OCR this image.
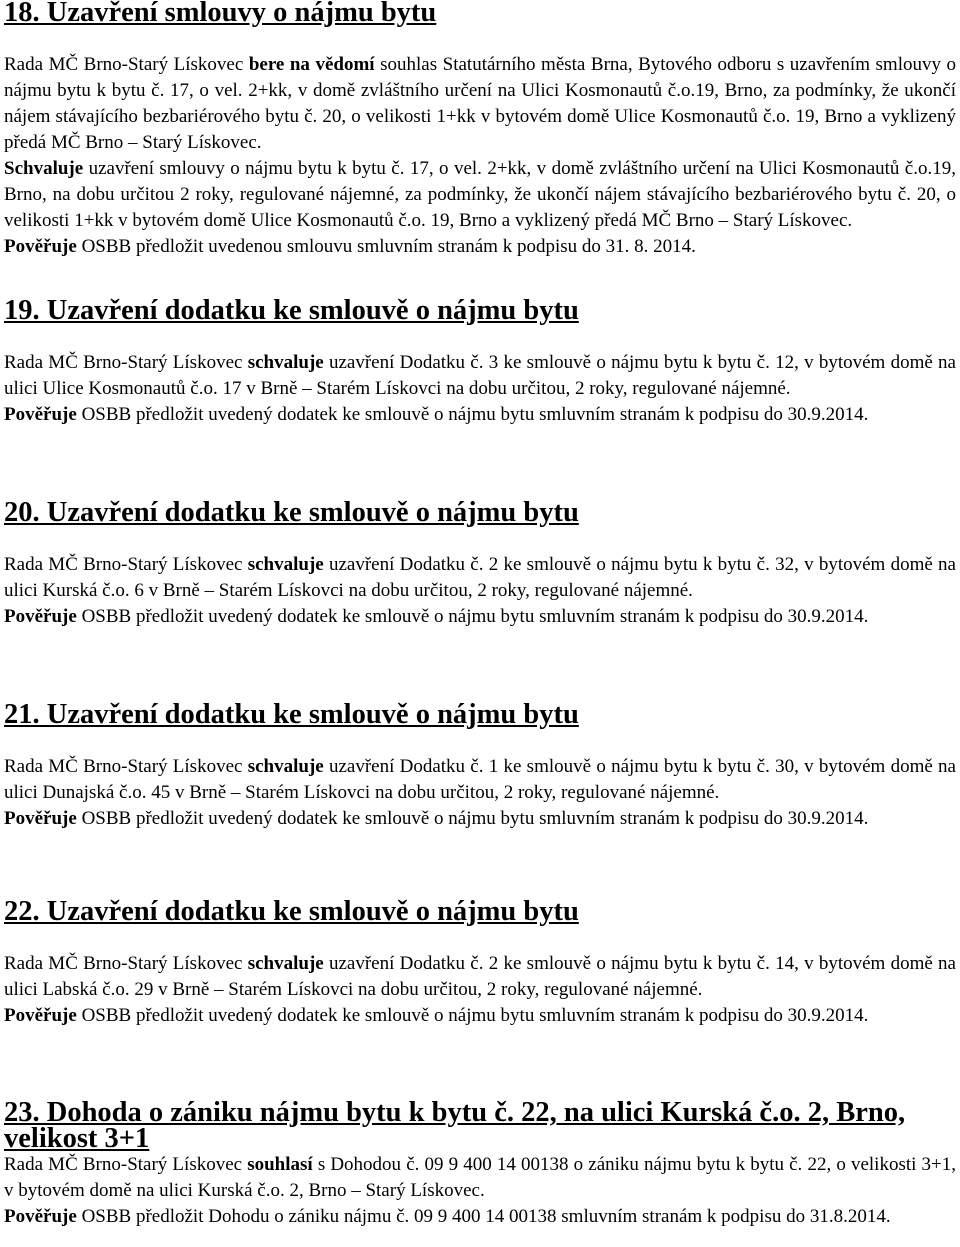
18. Uzavření smlouvy o nájmu bytu

Rada MČ Brno-Starý Lískovec bere na vědomí souhlas Statutárního města Brna, Bytového odboru s uzavřením smlouvy o nájmu bytu k bytu č. 17, o vel. 2+kk, v domě zvláštního určení na Ulici Kosmonautů č.o.19, Brno, za podmínky, že ukončí nájem stávajícího bezbariérového bytu č. 20, o velikosti 1+kk v bytovém domě Ulice Kosmonautů č.o. 19, Brno a vyklizený předá MČ Brno – Starý Lískovec.

Schvaluje uzavření smlouvy o nájmu bytu k bytu č. 17, o vel. 2+kk, v domě zvláštního určení na Ulici Kosmonautů č.o.19, Brno, na dobu určitou 2 roky, regulované nájemné, za podmínky, že ukončí nájem stávajícího bezbariérového bytu č. 20, o velikosti 1+kk v bytovém domě Ulice Kosmonautů č.o. 19, Brno a vyklizený předá MČ Brno – Starý Lískovec.

Pověřuje OSBB předložit uvedenou smlouvu smluvním stranám k podpisu do 31. 8. 2014.

19. Uzavření dodatku ke smlouvě o nájmu bytu

Rada MČ Brno-Starý Lískovec schvaluje uzavření Dodatku č. 3 ke smlouvě o nájmu bytu k bytu č. 12, v bytovém domě na ulici Ulice Kosmonautů č.o. 17 v Brně – Starém Lískovci na dobu určitou, 2 roky, regulované nájemné.

Pověřuje OSBB předložit uvedený dodatek ke smlouvě o nájmu bytu smluvním stranám k podpisu do 30.9.2014.

20. Uzavření dodatku ke smlouvě o nájmu bytu

Rada MČ Brno-Starý Lískovec schvaluje uzavření Dodatku č. 2 ke smlouvě o nájmu bytu k bytu č. 32, v bytovém domě na ulici Kurská č.o. 6 v Brně – Starém Lískovci na dobu určitou, 2 roky, regulované nájemné.

Pověřuje OSBB předložit uvedený dodatek ke smlouvě o nájmu bytu smluvním stranám k podpisu do 30.9.2014.

21. Uzavření dodatku ke smlouvě o nájmu bytu

Rada MČ Brno-Starý Lískovec schvaluje uzavření Dodatku č. 1 ke smlouvě o nájmu bytu k bytu č. 30, v bytovém domě na ulici Dunajská č.o. 45 v Brně – Starém Lískovci na dobu určitou, 2 roky, regulované nájemné.

Pověřuje OSBB předložit uvedený dodatek ke smlouvě o nájmu bytu smluvním stranám k podpisu do 30.9.2014.

22. Uzavření dodatku ke smlouvě o nájmu bytu

Rada MČ Brno-Starý Lískovec schvaluje uzavření Dodatku č. 2 ke smlouvě o nájmu bytu k bytu č. 14, v bytovém domě na ulici Labská č.o. 29 v Brně – Starém Lískovci na dobu určitou, 2 roky, regulované nájemné.

Pověřuje OSBB předložit uvedený dodatek ke smlouvě o nájmu bytu smluvním stranám k podpisu do 30.9.2014.

23. Dohoda o zániku nájmu bytu k bytu č. 22, na ulici Kurská č.o. 2, Brno, velikost 3+1

Rada MČ Brno-Starý Lískovec souhlasí s Dohodou č. 09 9 400 14 00138 o zániku nájmu bytu k bytu č. 22, o velikosti 3+1, v bytovém domě na ulici Kurská č.o. 2, Brno – Starý Lískovec.

Pověřuje OSBB předložit Dohodu o zániku nájmu č. 09 9 400 14 00138 smluvním stranám k podpisu do 31.8.2014.
